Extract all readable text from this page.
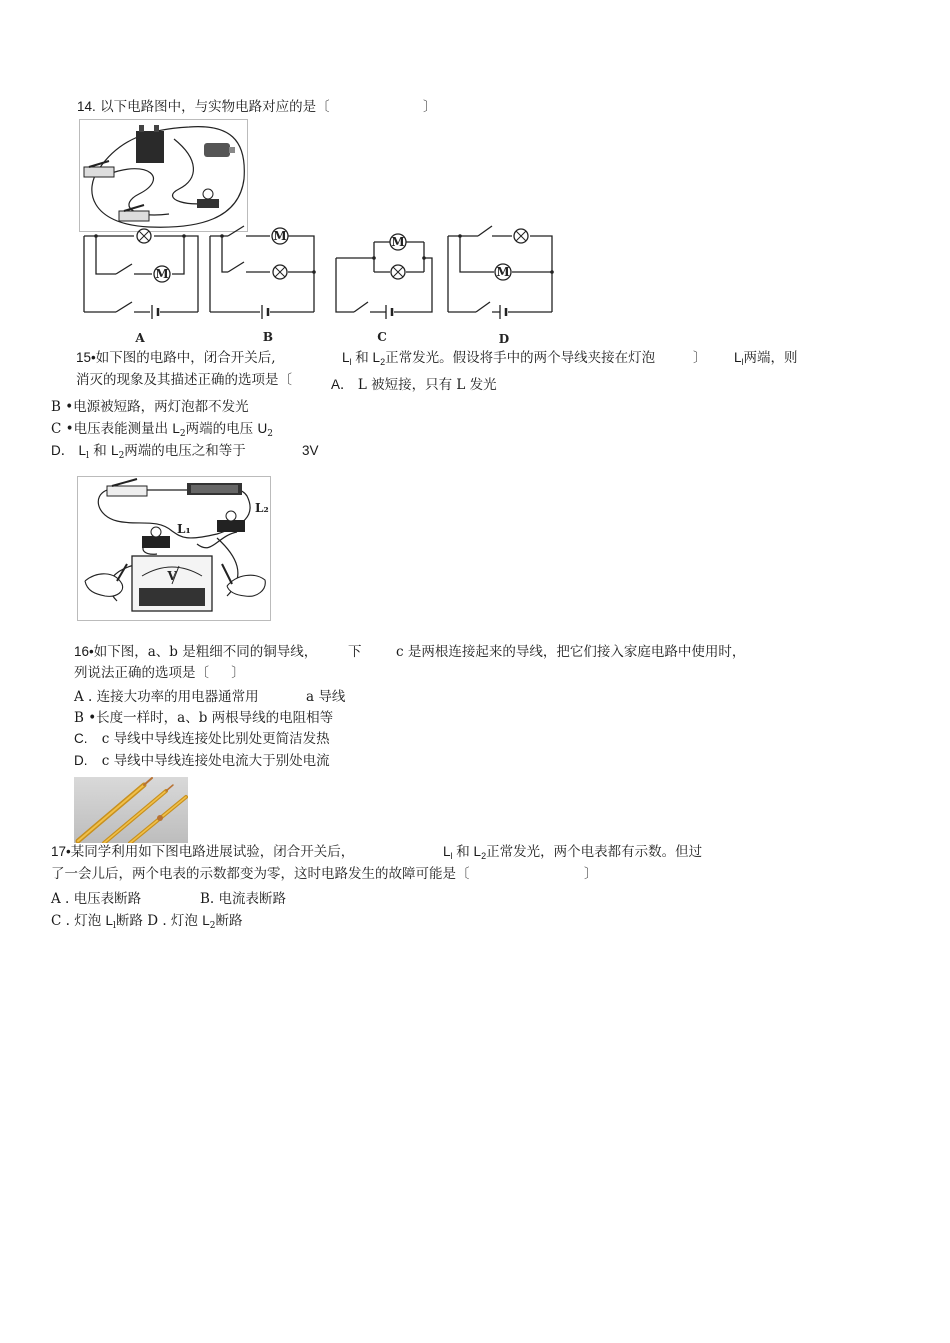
14. 以下电路图中，与实物电路对应的是〔	〕
M
A
M
B
M
C
M
D
15•如下图的电路中，闭合开关后,	$L_l$ 和 $L_2$正常发光。假设将手中的两个导线夹接在灯泡	〕 $L_l$两端，则
消灭的现象及其描述正确的选项是〔	A． L 被短接，只有 L 发光
B •电源被短路，两灯泡都不发光
C •电压表能测量出 $L_2$两端的电压 $U_2$
D． $L_l$ 和 $L_2$两端的电压之和等于	3V
L₂
L₁
V
16•如下图，a、b 是粗细不同的铜导线， 下	c 是两根连接起来的导线，把它们接入家庭电路中使用时，
列说法正确的选项是〔 〕
A . 连接大功率的用电器通常用	a 导线
B •长度一样时，a、b 两根导线的电阻相等
C. c 导线中导线连接处比别处更简洁发热
D. c 导线中导线连接处电流大于别处电流
17•某同学利用如下图电路进展试验，闭合开关后，	$L_l$ 和 $L_2$正常发光，两个电表都有示数。但过
了一会儿后，两个电表的示数都变为零，这时电路发生的故障可能是〔	〕
A . 电压表断路	B. 电流表断路
C . 灯泡 $L_l$断路 D . 灯泡 $L_2$断路
